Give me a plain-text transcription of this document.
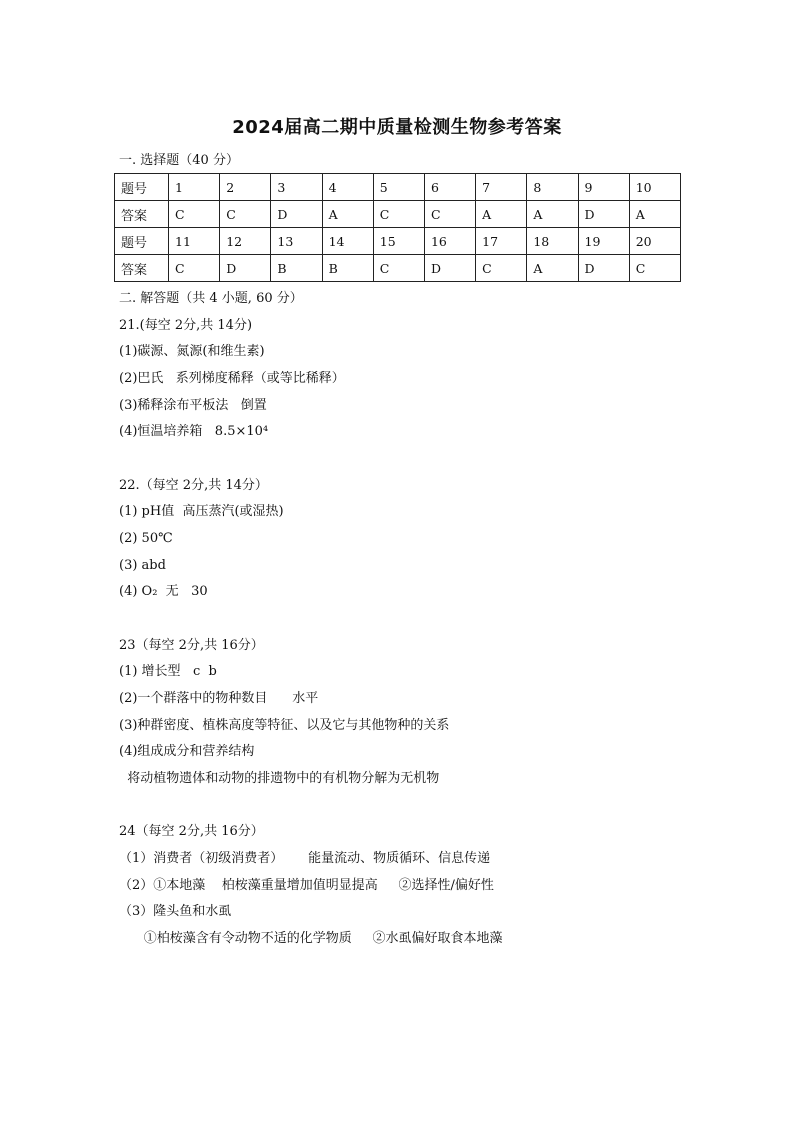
2024届高二期中质量检测生物参考答案
一. 选择题（40 分）
题号	1	2	3	4	5	6	7	8	9	10
答案	C	C	D	A	C	C	A	A	D	A
题号	11	12	13	14	15	16	17	18	19	20
答案	C	D	B	B	C	D	C	A	D	C
二. 解答题（共 4 小题, 60 分）
21.(每空 2分,共 14分)
(1)碳源、氮源(和维生素)
(2)巴氏   系列梯度稀释（或等比稀释）
(3)稀释涂布平板法   倒置
(4)恒温培养箱   8.5×10⁴
22.（每空 2分,共 14分）
(1) pH值  高压蒸汽(或湿热)
(2) 50℃
(3) abd
(4) O₂  无   30
23（每空 2分,共 16分）
(1) 增长型   c  b
(2)一个群落中的物种数目      水平
(3)种群密度、植株高度等特征、以及它与其他物种的关系
(4)组成成分和营养结构
将动植物遗体和动物的排遗物中的有机物分解为无机物
24（每空 2分,共 16分）
（1）消费者（初级消费者）      能量流动、物质循环、信息传递
（2）①本地藻    柏桉藻重量增加值明显提高     ②选择性/偏好性
（3）隆头鱼和水虱
①柏桉藻含有令动物不适的化学物质     ②水虱偏好取食本地藻
